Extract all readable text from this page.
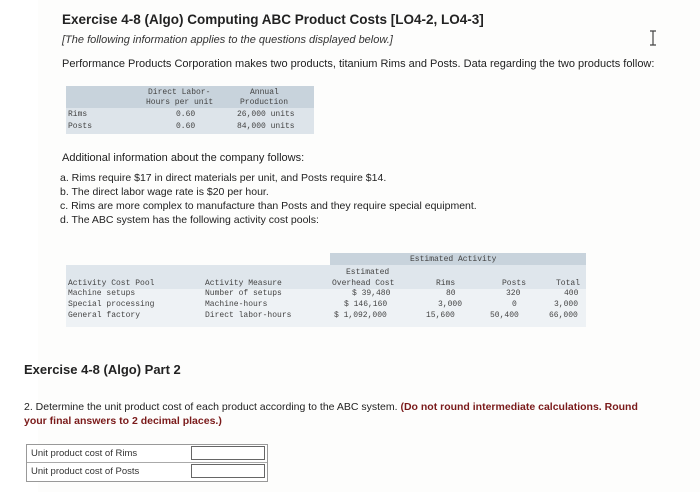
Exercise 4-8 (Algo) Computing ABC Product Costs [LO4-2, LO4-3]
[The following information applies to the questions displayed below.]
Performance Products Corporation makes two products, titanium Rims and Posts. Data regarding the two products follow:
Direct Labor-	Annual
Hours per unit	Production
Rims	0.60	26,000 units
Posts	0.60	84,000 units
Additional information about the company follows:
a. Rims require $17 in direct materials per unit, and Posts require $14.
b. The direct labor wage rate is $20 per hour.
c. Rims are more complex to manufacture than Posts and they require special equipment.
d. The ABC system has the following activity cost pools:
Estimated Activity
Estimated
Activity Cost Pool	Activity Measure	Overhead Cost	Rims	Posts	Total
Machine setups	Number of setups	$ 39,480	80	320	400
Special processing	Machine-hours	$ 146,160	3,000	0	3,000
General factory	Direct labor-hours	$ 1,092,000	15,600	50,400	66,000
Exercise 4-8 (Algo) Part 2
2. Determine the unit product cost of each product according to the ABC system. (Do not round intermediate calculations. Round
your final answers to 2 decimal places.)
Unit product cost of Rims
Unit product cost of Posts
